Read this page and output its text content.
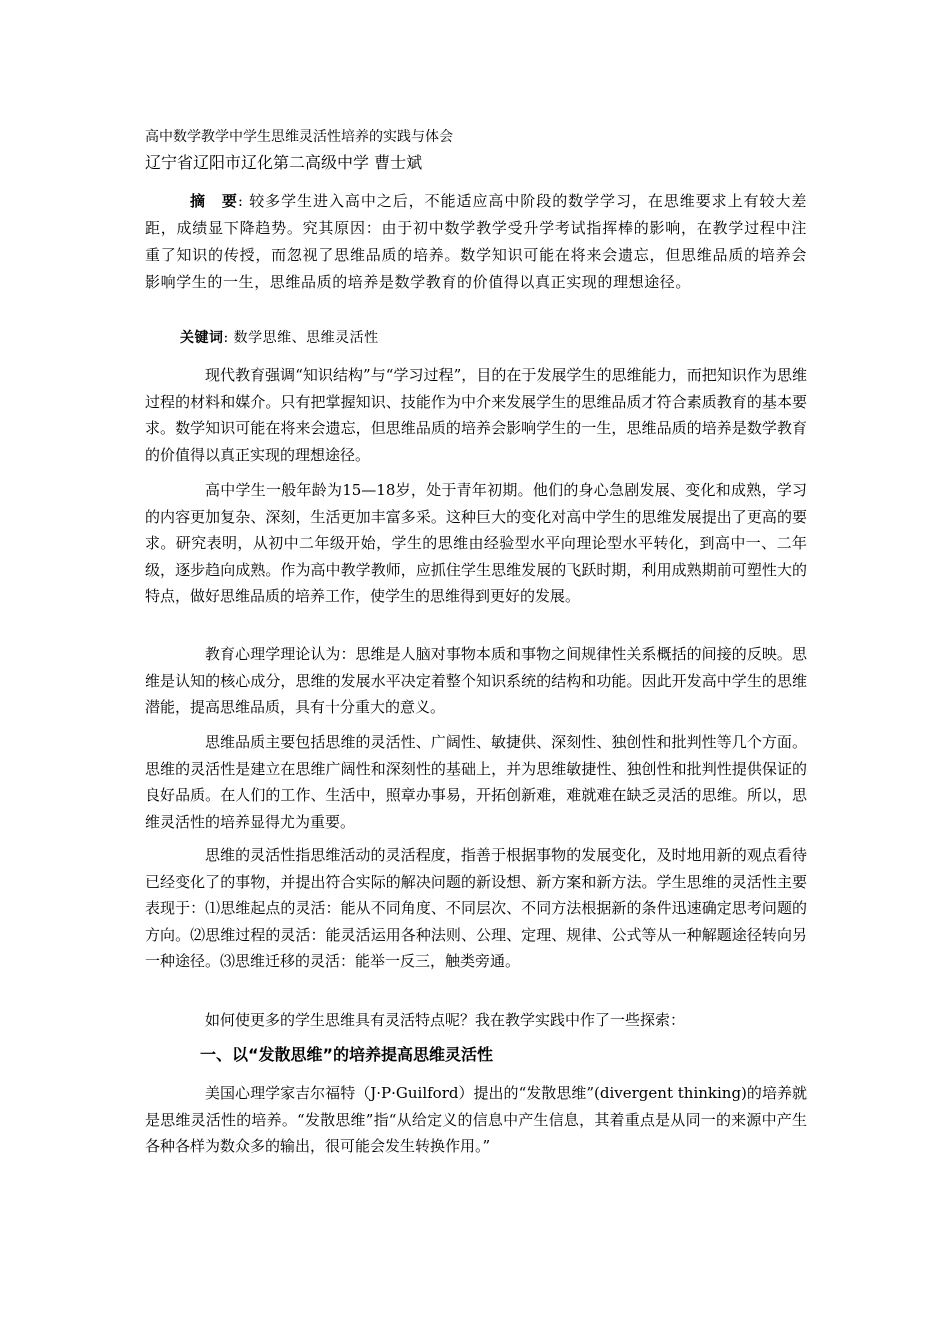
高中数学教学中学生思维灵活性培养的实践与体会
辽宁省辽阳市辽化第二高级中学 曹士斌

摘　要: 较多学生进入高中之后，不能适应高中阶段的数学学习，在思维要求上有较大差距，成绩显下降趋势。究其原因：由于初中数学教学受升学考试指挥棒的影响，在教学过程中注重了知识的传授，而忽视了思维品质的培养。数学知识可能在将来会遗忘，但思维品质的培养会影响学生的一生，思维品质的培养是数学教育的价值得以真正实现的理想途径。

关键词: 数学思维、思维灵活性

现代教育强调“知识结构”与“学习过程”，目的在于发展学生的思维能力，而把知识作为思维过程的材料和媒介。只有把掌握知识、技能作为中介来发展学生的思维品质才符合素质教育的基本要求。数学知识可能在将来会遗忘，但思维品质的培养会影响学生的一生，思维品质的培养是数学教育的价值得以真正实现的理想途径。

高中学生一般年龄为15—18岁，处于青年初期。他们的身心急剧发展、变化和成熟，学习的内容更加复杂、深刻，生活更加丰富多采。这种巨大的变化对高中学生的思维发展提出了更高的要求。研究表明，从初中二年级开始，学生的思维由经验型水平向理论型水平转化，到高中一、二年级，逐步趋向成熟。作为高中教学教师，应抓住学生思维发展的飞跃时期，利用成熟期前可塑性大的特点，做好思维品质的培养工作，使学生的思维得到更好的发展。

教育心理学理论认为：思维是人脑对事物本质和事物之间规律性关系概括的间接的反映。思维是认知的核心成分，思维的发展水平决定着整个知识系统的结构和功能。因此开发高中学生的思维潜能，提高思维品质，具有十分重大的意义。

思维品质主要包括思维的灵活性、广阔性、敏捷供、深刻性、独创性和批判性等几个方面。思维的灵活性是建立在思维广阔性和深刻性的基础上，并为思维敏捷性、独创性和批判性提供保证的良好品质。在人们的工作、生活中，照章办事易，开拓创新难，难就难在缺乏灵活的思维。所以，思维灵活性的培养显得尤为重要。

思维的灵活性指思维活动的灵活程度，指善于根据事物的发展变化，及时地用新的观点看待已经变化了的事物，并提出符合实际的解决问题的新设想、新方案和新方法。学生思维的灵活性主要表现于：⑴思维起点的灵活：能从不同角度、不同层次、不同方法根据新的条件迅速确定思考问题的方向。⑵思维过程的灵活：能灵活运用各种法则、公理、定理、规律、公式等从一种解题途径转向另一种途径。⑶思维迁移的灵活：能举一反三，触类旁通。

如何使更多的学生思维具有灵活特点呢？我在教学实践中作了一些探索：

一、以“发散思维”的培养提高思维灵活性

美国心理学家吉尔福特（J·P·Guilford）提出的“发散思维”(divergent thinking)的培养就是思维灵活性的培养。“发散思维”指“从给定义的信息中产生信息，其着重点是从同一的来源中产生各种各样为数众多的输出，很可能会发生转换作用。”
